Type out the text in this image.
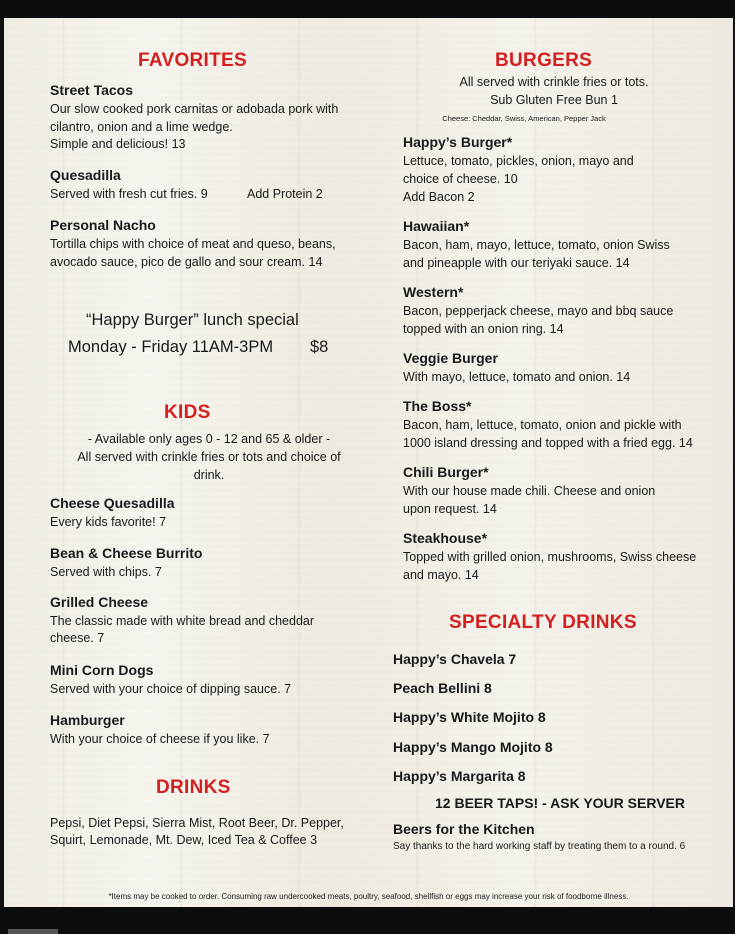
FAVORITES
Street Tacos
Our slow cooked pork carnitas or adobada pork with
cilantro, onion and a lime wedge.
Simple and delicious! 13
Quesadilla
Served with fresh cut fries. 9	Add Protein 2
Personal Nacho
Tortilla chips with choice of meat and queso, beans,
avocado sauce, pico de gallo and sour cream. 14
“Happy Burger” lunch special
Monday - Friday 11AM-3PM $8
KIDS
- Available only ages 0 - 12 and 65 & older -
All served with crinkle fries or tots and choice of
drink.
Cheese Quesadilla
Every kids favorite! 7
Bean & Cheese Burrito
Served with chips. 7
Grilled Cheese
The classic made with white bread and cheddar
cheese. 7
Mini Corn Dogs
Served with your choice of dipping sauce. 7
Hamburger
With your choice of cheese if you like. 7
DRINKS
Pepsi, Diet Pepsi, Sierra Mist, Root Beer, Dr. Pepper,
Squirt, Lemonade, Mt. Dew, Iced Tea & Coffee 3
BURGERS
All served with crinkle fries or tots.
Sub Gluten Free Bun 1
Cheese: Cheddar, Swiss, American, Pepper Jack
Happy’s Burger*
Lettuce, tomato, pickles, onion, mayo and
choice of cheese. 10
Add Bacon 2
Hawaiian*
Bacon, ham, mayo, lettuce, tomato, onion Swiss
and pineapple with our teriyaki sauce. 14
Western*
Bacon, pepperjack cheese, mayo and bbq sauce
topped with an onion ring. 14
Veggie Burger
With mayo, lettuce, tomato and onion. 14
The Boss*
Bacon, ham, lettuce, tomato, onion and pickle with
1000 island dressing and topped with a fried egg. 14
Chili Burger*
With our house made chili. Cheese and onion
upon request. 14
Steakhouse*
Topped with grilled onion, mushrooms, Swiss cheese
and mayo. 14
SPECIALTY DRINKS
Happy’s Chavela 7
Peach Bellini 8
Happy’s White Mojito 8
Happy’s Mango Mojito 8
Happy’s Margarita 8
12 BEER TAPS! - ASK YOUR SERVER
Beers for the Kitchen
Say thanks to the hard working staff by treating them to a round. 6
*Items may be cooked to order. Consuming raw undercooked meats, poultry, seafood, shellfish or eggs may increase your risk of foodborne illness.
